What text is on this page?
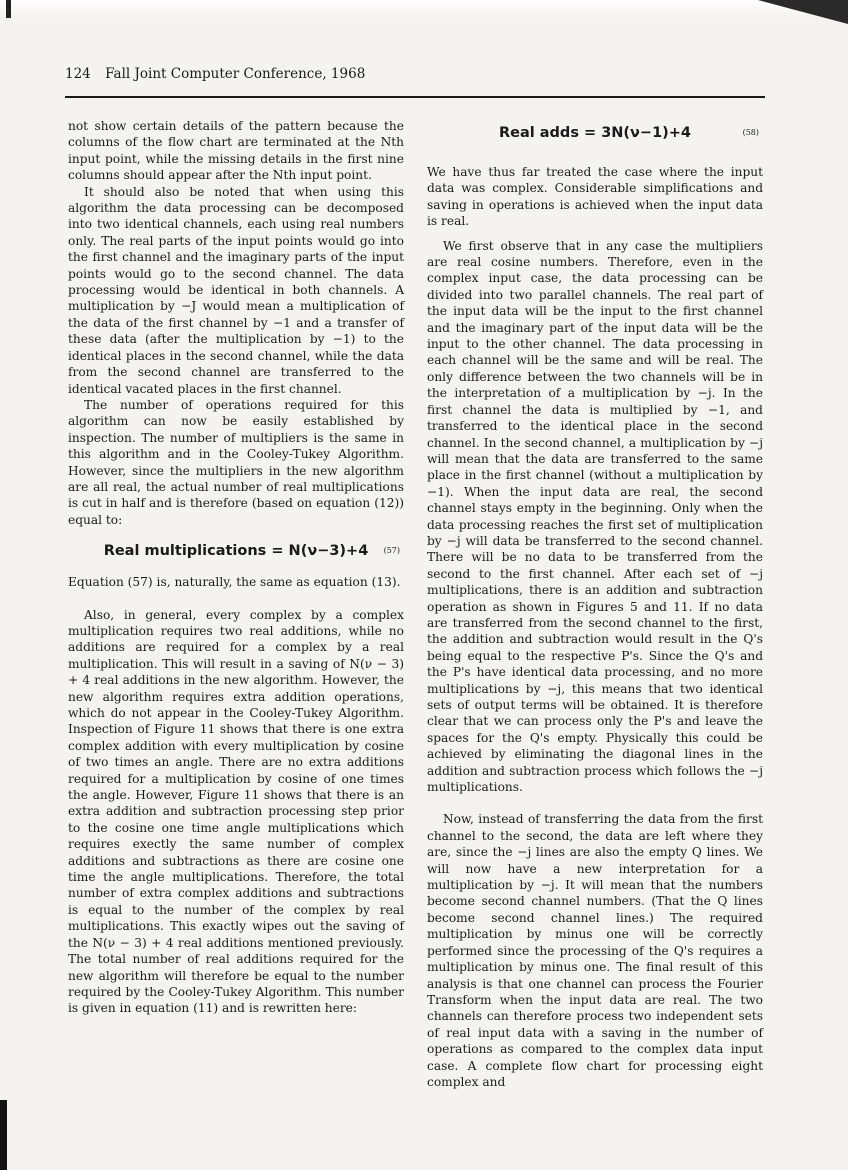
124 Fall Joint Computer Conference, 1968

not show certain details of the pattern because the columns of the flow chart are terminated at the Nth input point, while the missing details in the first nine columns should appear after the Nth input point.

It should also be noted that when using this algorithm the data processing can be decomposed into two identical channels, each using real numbers only. The real parts of the input points would go into the first channel and the imaginary parts of the input points would go to the second channel. The data processing would be identical in both channels. A multiplication by −J would mean a multiplication of the data of the first channel by −1 and a transfer of these data (after the multiplication by −1) to the identical places in the second channel, while the data from the second channel are transferred to the identical vacated places in the first channel.

The number of operations required for this algorithm can now be easily established by inspection. The number of multipliers is the same in this algorithm and in the Cooley-Tukey Algorithm. However, since the multipliers in the new algorithm are all real, the actual number of real multiplications is cut in half and is therefore (based on equation (12)) equal to:

Real multiplications = N(ν−3)+4 (57)

Equation (57) is, naturally, the same as equation (13).

Also, in general, every complex by a complex multiplication requires two real additions, while no additions are required for a complex by a real multiplication. This will result in a saving of N(ν − 3) + 4 real additions in the new algorithm. However, the new algorithm requires extra addition operations, which do not appear in the Cooley-Tukey Algorithm. Inspection of Figure 11 shows that there is one extra complex addition with every multiplication by cosine of two times an angle. There are no extra additions required for a multiplication by cosine of one times the angle. However, Figure 11 shows that there is an extra addition and subtraction processing step prior to the cosine one time angle multiplications which requires exectly the same number of complex additions and subtractions as there are cosine one time the angle multiplications. Therefore, the total number of extra complex additions and subtractions is equal to the number of the complex by real multiplications. This exactly wipes out the saving of the N(ν − 3) + 4 real additions mentioned previously. The total number of real additions required for the new algorithm will therefore be equal to the number required by the Cooley-Tukey Algorithm. This number is given in equation (11) and is rewritten here:

Real adds = 3N(ν−1)+4	(58)

We have thus far treated the case where the input data was complex. Considerable simplifications and saving in operations is achieved when the input data is real.

We first observe that in any case the multipliers are real cosine numbers. Therefore, even in the complex input case, the data processing can be divided into two parallel channels. The real part of the input data will be the input to the first channel and the imaginary part of the input data will be the input to the other channel. The data processing in each channel will be the same and will be real. The only difference between the two channels will be in the interpretation of a multiplication by −j. In the first channel the data is multiplied by −1, and transferred to the identical place in the second channel. In the second channel, a multiplication by −j will mean that the data are transferred to the same place in the first channel (without a multiplication by −1). When the input data are real, the second channel stays empty in the beginning. Only when the data processing reaches the first set of multiplication by −j will data be transferred to the second channel. There will be no data to be transferred from the second to the first channel. After each set of −j multiplications, there is an addition and subtraction operation as shown in Figures 5 and 11. If no data are transferred from the second channel to the first, the addition and subtraction would result in the Q's being equal to the respective P's. Since the Q's and the P's have identical data processing, and no more multiplications by −j, this means that two identical sets of output terms will be obtained. It is therefore clear that we can process only the P's and leave the spaces for the Q's empty. Physically this could be achieved by eliminating the diagonal lines in the addition and subtraction process which follows the −j multiplications.

Now, instead of transferring the data from the first channel to the second, the data are left where they are, since the −j lines are also the empty Q lines. We will now have a new interpretation for a multiplication by −j. It will mean that the numbers become second channel numbers. (That the Q lines become second channel lines.) The required multiplication by minus one will be correctly performed since the processing of the Q's requires a multiplication by minus one. The final result of this analysis is that one channel can process the Fourier Transform when the input data are real. The two channels can therefore process two independent sets of real input data with a saving in the number of operations as compared to the complex data input case. A complete flow chart for processing eight complex and
